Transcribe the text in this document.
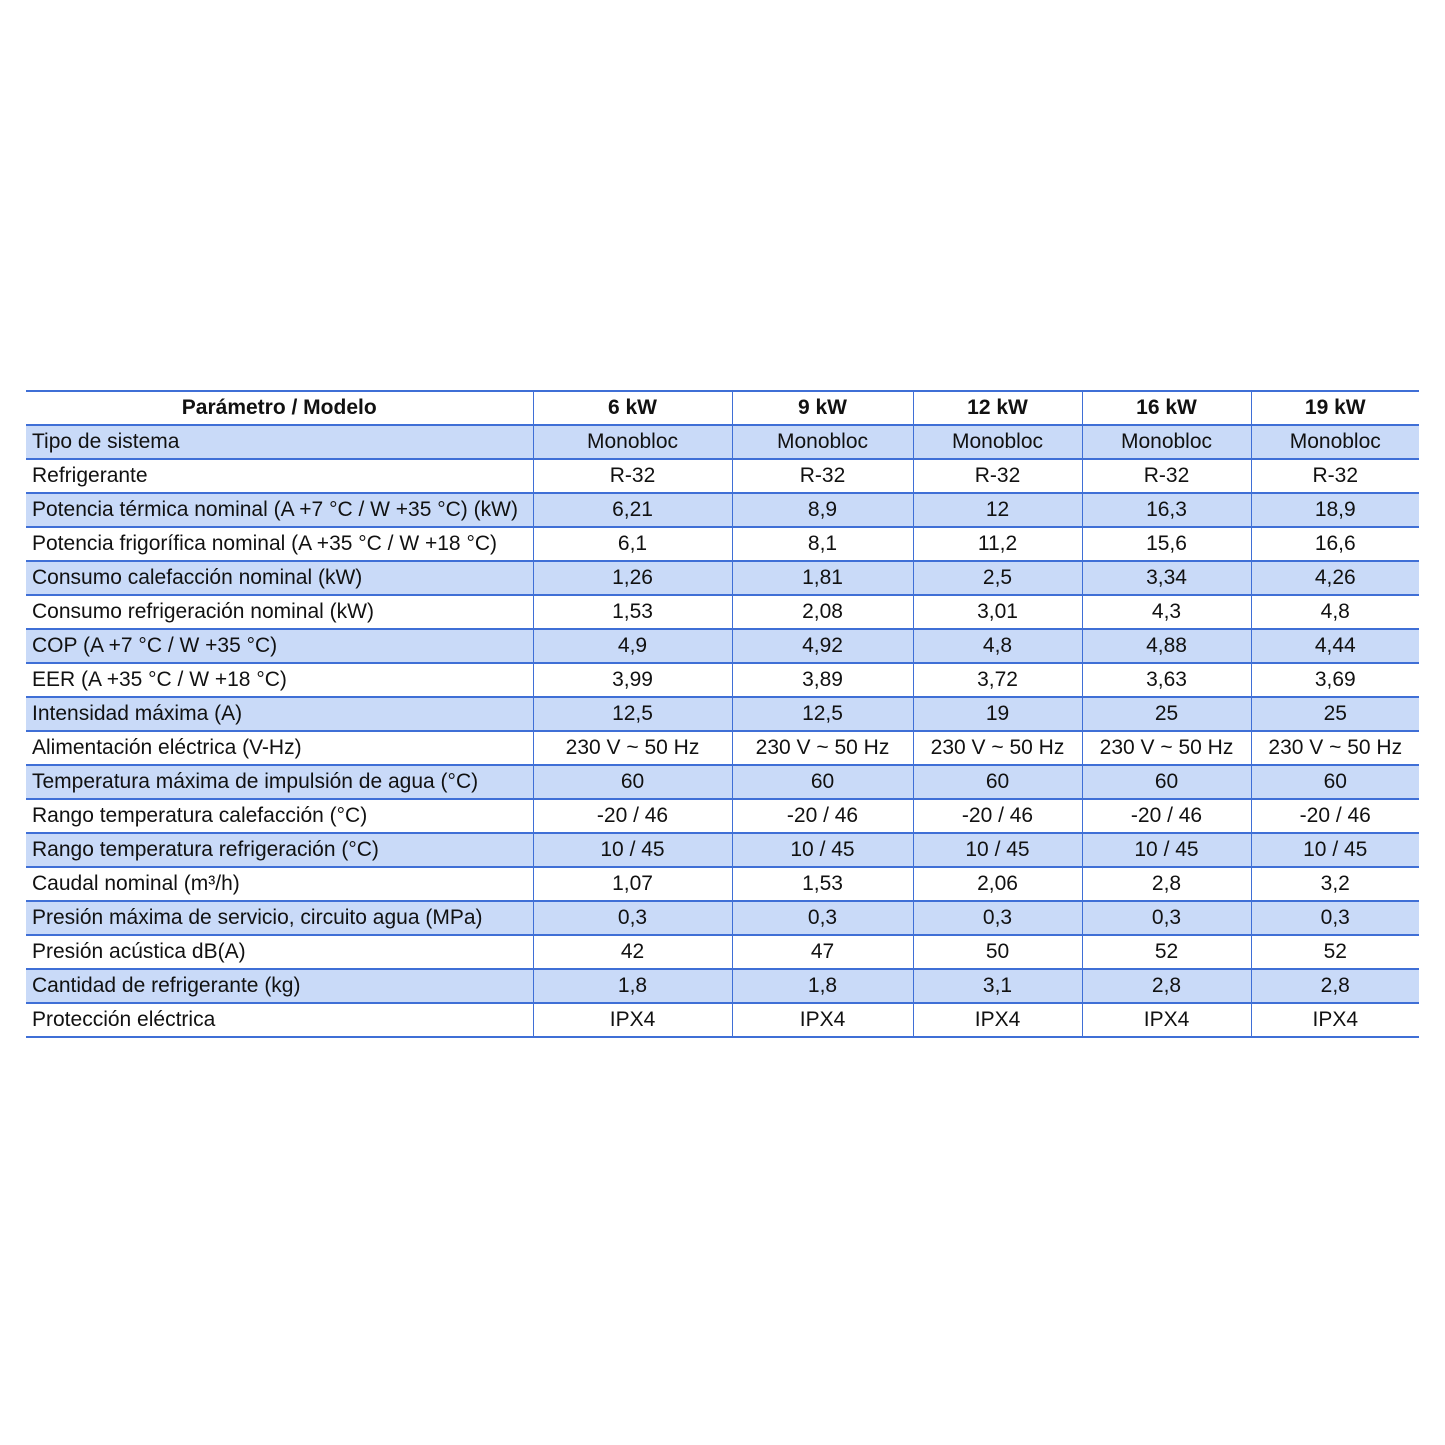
Parámetro / Modelo	6 kW	9 kW	12 kW	16 kW	19 kW
Tipo de sistema	Monobloc	Monobloc	Monobloc	Monobloc	Monobloc
Refrigerante	R-32	R-32	R-32	R-32	R-32
Potencia térmica nominal (A +7 °C / W +35 °C) (kW)	6,21	8,9	12	16,3	18,9
Potencia frigorífica nominal (A +35 °C / W +18 °C)	6,1	8,1	11,2	15,6	16,6
Consumo calefacción nominal (kW)	1,26	1,81	2,5	3,34	4,26
Consumo refrigeración nominal (kW)	1,53	2,08	3,01	4,3	4,8
COP (A +7 °C / W +35 °C)	4,9	4,92	4,8	4,88	4,44
EER (A +35 °C / W +18 °C)	3,99	3,89	3,72	3,63	3,69
Intensidad máxima (A)	12,5	12,5	19	25	25
Alimentación eléctrica (V-Hz)	230 V ~ 50 Hz	230 V ~ 50 Hz	230 V ~ 50 Hz	230 V ~ 50 Hz	230 V ~ 50 Hz
Temperatura máxima de impulsión de agua (°C)	60	60	60	60	60
Rango temperatura calefacción (°C)	-20 / 46	-20 / 46	-20 / 46	-20 / 46	-20 / 46
Rango temperatura refrigeración (°C)	10 / 45	10 / 45	10 / 45	10 / 45	10 / 45
Caudal nominal (m³/h)	1,07	1,53	2,06	2,8	3,2
Presión máxima de servicio, circuito agua (MPa)	0,3	0,3	0,3	0,3	0,3
Presión acústica dB(A)	42	47	50	52	52
Cantidad de refrigerante (kg)	1,8	1,8	3,1	2,8	2,8
Protección eléctrica	IPX4	IPX4	IPX4	IPX4	IPX4
